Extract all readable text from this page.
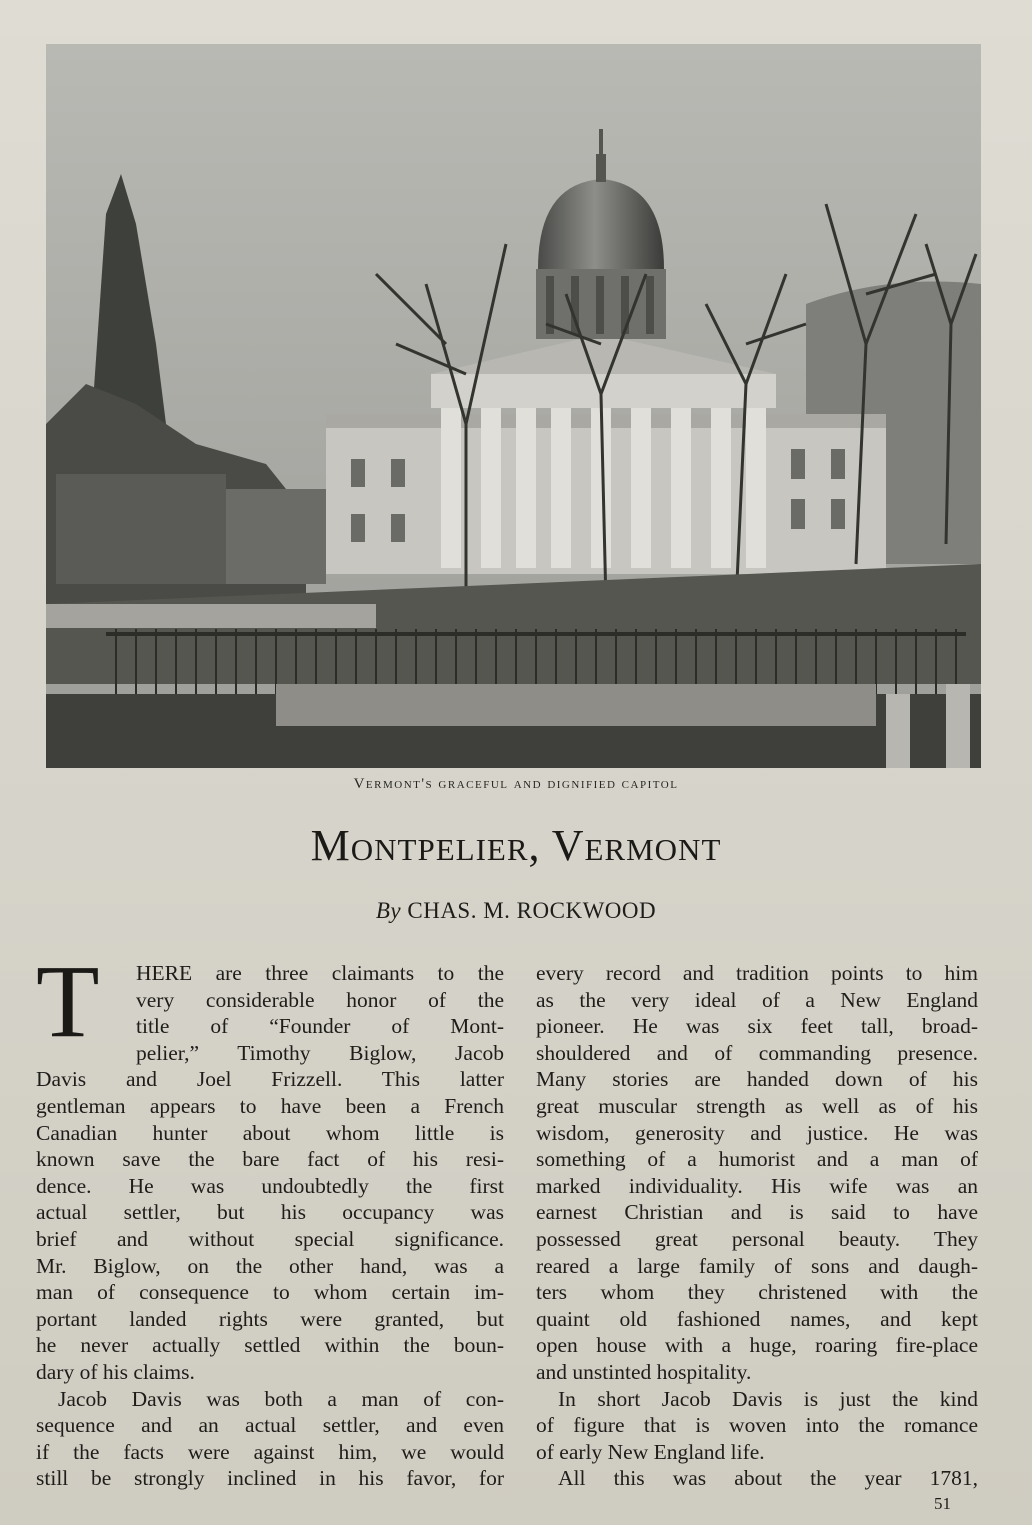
Vermont's graceful and dignified capitol
Montpelier, Vermont
By CHAS. M. ROCKWOOD
T	HERE are three claimants to the
very considerable honor of the
title of “Founder of Mont-
pelier,” Timothy Biglow, Jacob
Davis and Joel Frizzell. This latter
gentleman appears to have been a French
Canadian hunter about whom little is
known save the bare fact of his resi-
dence. He was undoubtedly the first
actual settler, but his occupancy was
brief and without special significance.
Mr. Biglow, on the other hand, was a
man of consequence to whom certain im-
portant landed rights were granted, but
he never actually settled within the boun-
dary of his claims.
Jacob Davis was both a man of con-
sequence and an actual settler, and even
if the facts were against him, we would
still be strongly inclined in his favor, for
every record and tradition points to him
as the very ideal of a New England
pioneer. He was six feet tall, broad-
shouldered and of commanding presence.
Many stories are handed down of his
great muscular strength as well as of his
wisdom, generosity and justice. He was
something of a humorist and a man of
marked individuality. His wife was an
earnest Christian and is said to have
possessed great personal beauty. They
reared a large family of sons and daugh-
ters whom they christened with the
quaint old fashioned names, and kept
open house with a huge, roaring fire-place
and unstinted hospitality.
In short Jacob Davis is just the kind
of figure that is woven into the romance
of early New England life.
All this was about the year 1781,
51
